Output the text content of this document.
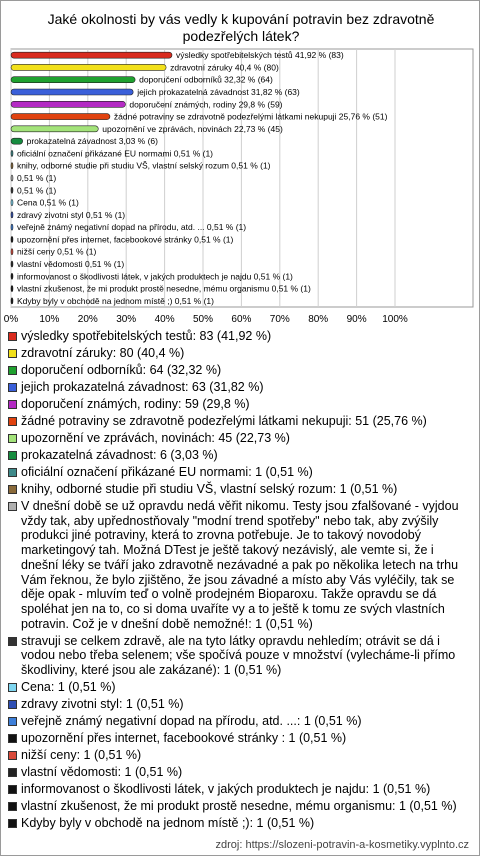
Jaké okolnosti by vás vedly k kupování potravin bez zdravotně podezřelých látek?
0% 10% 20% 30% 40% 50% 60% 70% 80% 90% 100%
výsledky spotřebitelských testů 41,92 % (83)
zdravotní záruky 40,4 % (80)
doporučení odborníků 32,32 % (64)
jejich prokazatelná závadnost 31,82 % (63)
doporučení známých, rodiny 29,8 % (59)
žádné potraviny se zdravotně podezřelými látkami nekupuji 25,76 % (51)
upozornění ve zprávách, novinách 22,73 % (45)
prokazatelná závadnost 3,03 % (6)
oficiální označení přikázané EU normami 0,51 % (1)
knihy, odborné studie při studiu VŠ, vlastní selský rozum 0,51 % (1)
0,51 % (1)
0,51 % (1)
Cena 0,51 % (1)
zdravý zivotni styl 0,51 % (1)
veřejně známý negativní dopad na přírodu, atd. ... 0,51 % (1)
upozornění přes internet, facebookové stránky 0,51 % (1)
nižší ceny 0,51 % (1)
vlastní vědomosti 0,51 % (1)
informovanost o škodlivosti látek, v jakých produktech je najdu 0,51 % (1)
vlastní zkušenost, že mi produkt prostě nesedne, mému organismu 0,51 % (1)
Kdyby byly v obchodě na jednom místě ;) 0,51 % (1)
výsledky spotřebitelských testů: 83 (41,92 %)
zdravotní záruky: 80 (40,4 %)
doporučení odborníků: 64 (32,32 %)
jejich prokazatelná závadnost: 63 (31,82 %)
doporučení známých, rodiny: 59 (29,8 %)
žádné potraviny se zdravotně podezřelými látkami nekupuji: 51 (25,76 %)
upozornění ve zprávách, novinách: 45 (22,73 %)
prokazatelná závadnost: 6 (3,03 %)
oficiální označení přikázané EU normami: 1 (0,51 %)
knihy, odborné studie při studiu VŠ, vlastní selský rozum: 1 (0,51 %)
V dnešní době se už opravdu nedá věřit nikomu. Testy jsou zfalšované - vyjdou vždy tak, aby upřednostňovaly "modní trend spotřeby" nebo tak, aby zvýšily produkci jiné potraviny, která to zrovna potřebuje. Je to takový novodobý marketingový tah. Možná DTest je ještě takový nezávislý, ale vemte si, že i dnešní léky se tváří jako zdravotně nezávadné a pak po několika letech na trhu Vám řeknou, že bylo zjištěno, že jsou závadné a místo aby Vás vyléčily, tak se děje opak - mluvím teď o volně prodejném Bioparoxu. Takže opravdu se dá spoléhat jen na to, co si doma uvaříte vy a to ještě k tomu ze svých vlastních potravin. Což je v dnešní době nemožné!: 1 (0,51 %)
stravuji se celkem zdravě, ale na tyto látky opravdu nehledím; otrávit se dá i vodou nebo třeba selenem; vše spočívá pouze v množství (vylecháme-li přímo škodliviny, které jsou ale zakázané): 1 (0,51 %)
Cena: 1 (0,51 %)
zdravy zivotni styl: 1 (0,51 %)
veřejně známý negativní dopad na přírodu, atd. ...: 1 (0,51 %)
upozornění přes internet, facebookové stránky : 1 (0,51 %)
nižší ceny: 1 (0,51 %)
vlastní vědomosti: 1 (0,51 %)
informovanost o škodlivosti látek, v jakých produktech je najdu: 1 (0,51 %)
vlastní zkušenost, že mi produkt prostě nesedne, mému organismu: 1 (0,51 %)
Kdyby byly v obchodě na jednom místě ;): 1 (0,51 %)
zdroj: https://slozeni-potravin-a-kosmetiky.vyplnto.cz
